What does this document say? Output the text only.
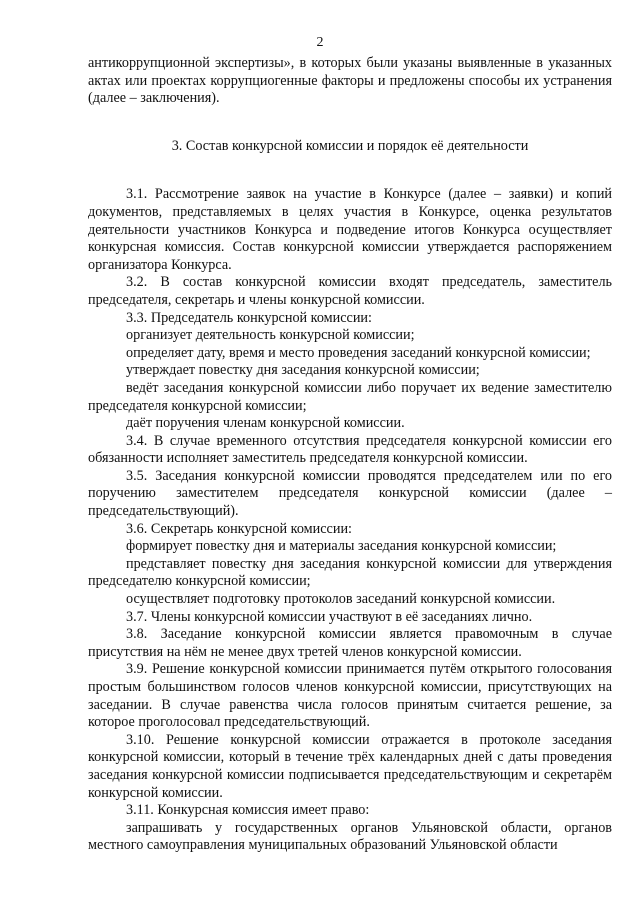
2

антикоррупционной экспертизы», в которых были указаны выявленные в указанных актах или проектах коррупциогенные факторы и предложены способы их устранения (далее – заключения).

3. Состав конкурсной комиссии и порядок её деятельности

3.1. Рассмотрение заявок на участие в Конкурсе (далее – заявки) и копий документов, представляемых в целях участия в Конкурсе, оценка результатов деятельности участников Конкурса и подведение итогов Конкурса осуществляет конкурсная комиссия. Состав конкурсной комиссии утверждается распоряжением организатора Конкурса.

3.2. В состав конкурсной комиссии входят председатель, заместитель председателя, секретарь и члены конкурсной комиссии.

3.3. Председатель конкурсной комиссии:

организует деятельность конкурсной комиссии;

определяет дату, время и место проведения заседаний конкурсной комиссии;

утверждает повестку дня заседания конкурсной комиссии;

ведёт заседания конкурсной комиссии либо поручает их ведение заместителю председателя конкурсной комиссии;

даёт поручения членам конкурсной комиссии.

3.4. В случае временного отсутствия председателя конкурсной комиссии его обязанности исполняет заместитель председателя конкурсной комиссии.

3.5. Заседания конкурсной комиссии проводятся председателем или по его поручению заместителем председателя конкурсной комиссии (далее – председательствующий).

3.6. Секретарь конкурсной комиссии:

формирует повестку дня и материалы заседания конкурсной комиссии;

представляет повестку дня заседания конкурсной комиссии для утверждения председателю конкурсной комиссии;

осуществляет подготовку протоколов заседаний конкурсной комиссии.

3.7. Члены конкурсной комиссии участвуют в её заседаниях лично.

3.8. Заседание конкурсной комиссии является правомочным в случае присутствия на нём не менее двух третей членов конкурсной комиссии.

3.9. Решение конкурсной комиссии принимается путём открытого голосования простым большинством голосов членов конкурсной комиссии, присутствующих на заседании. В случае равенства числа голосов принятым считается решение, за которое проголосовал председательствующий.

3.10. Решение конкурсной комиссии отражается в протоколе заседания конкурсной комиссии, который в течение трёх календарных дней с даты проведения заседания конкурсной комиссии подписывается председательствующим и секретарём конкурсной комиссии.

3.11. Конкурсная комиссия имеет право:

запрашивать у государственных органов Ульяновской области, органов местного самоуправления муниципальных образований Ульяновской области
